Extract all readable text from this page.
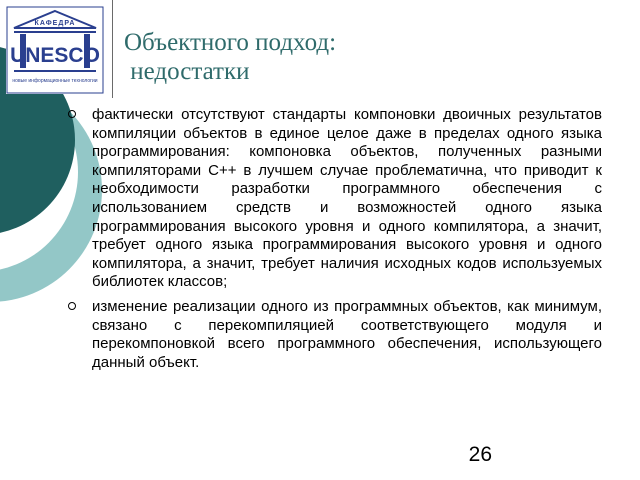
КАФЕДРА
UNESCO
новые информационные технологии
Объектного подход:
недостатки
фактически отсутствуют стандарты компоновки двоичных результатов компиляции объектов в единое целое даже в пределах одного языка программирования: компоновка объектов, полученных разными компиляторами С++ в лучшем случае проблематична, что приводит к необходимости разработки программного обеспечения с использованием средств и возможностей одного языка программирования высокого уровня и одного компилятора, а значит, требует одного языка программирования высокого уровня и одного компилятора, а значит, требует наличия исходных кодов используемых библиотек классов;
изменение реализации одного из программных объектов, как минимум, связано с перекомпиляцией соответствующего модуля и перекомпоновкой всего программного обеспечения, использующего данный объект.
26
